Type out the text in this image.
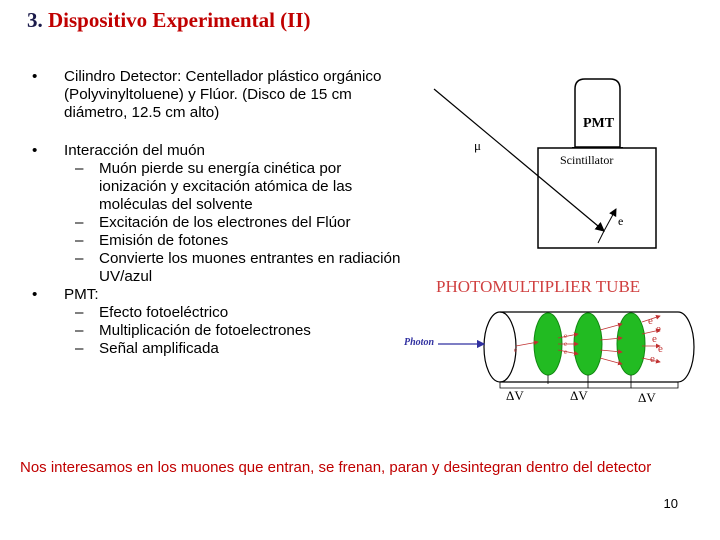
3. Dispositivo Experimental (II)
• Cilindro Detector: Centellador plástico orgánico (Polyvinyltoluene) y Flúor. (Disco de 15 cm diámetro, 12.5 cm alto)
• Interacción del muón
– Muón pierde su energía cinética por ionización y excitación atómica de las moléculas del solvente
– Excitación de los electrones del Flúor
– Emisión de fotones
– Convierte los muones entrantes en radiación UV/azul
• PMT:
– Efecto fotoeléctrico
– Multiplicación de fotoelectrones
– Señal amplificada
PMT
Scintillator
μ
e
PHOTOMULTIPLIER TUBE
Photon
e
e
e
e
e
e
e
e
e
ΔV	ΔV	ΔV
Nos interesamos en los muones que entran, se frenan, paran y desintegran dentro del detector
10
